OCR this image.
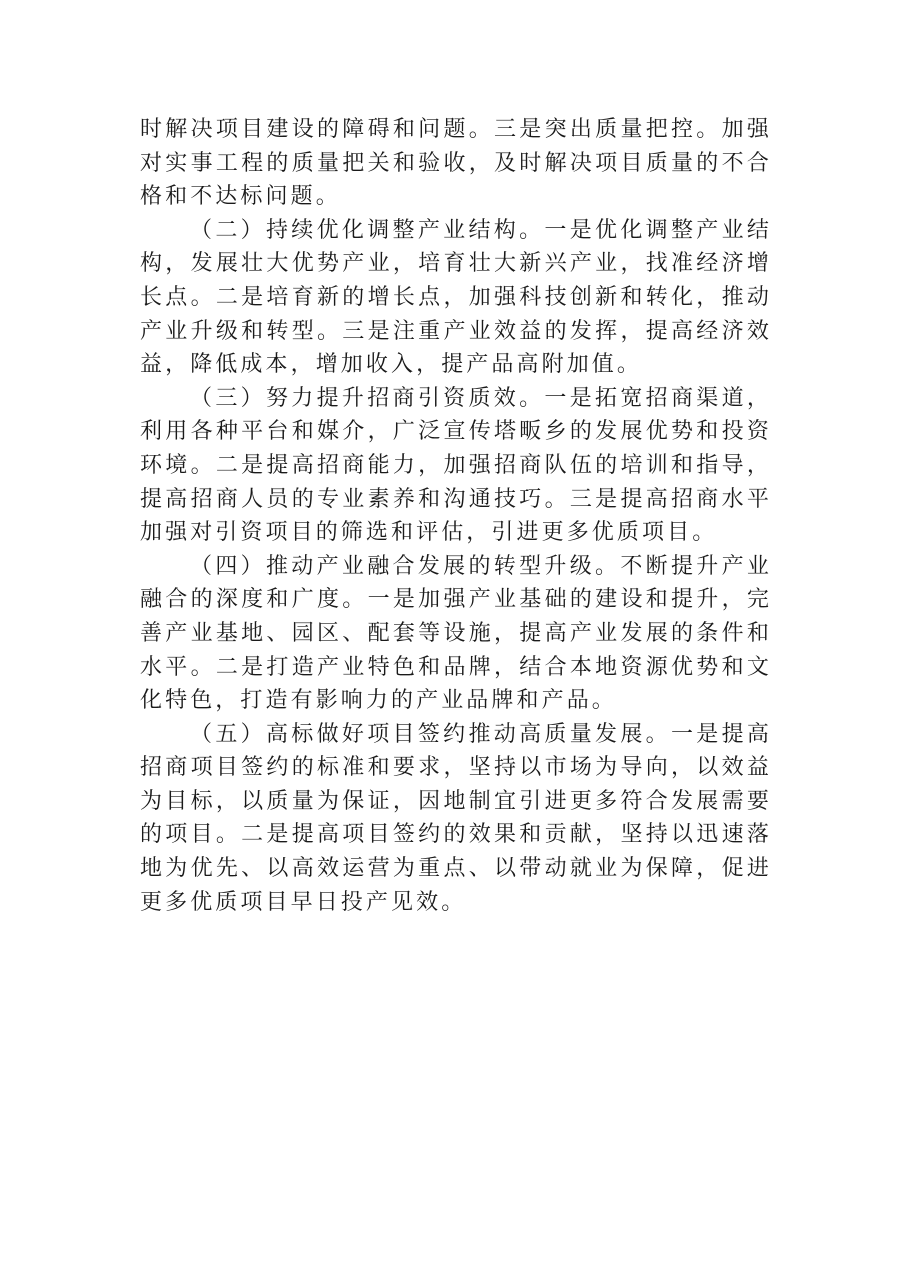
时解决项目建设的障碍和问题。三是突出质量把控。加强对实事工程的质量把关和验收，及时解决项目质量的不合格和不达标问题。

（二）持续优化调整产业结构。一是优化调整产业结构，发展壮大优势产业，培育壮大新兴产业，找准经济增长点。二是培育新的增长点，加强科技创新和转化，推动产业升级和转型。三是注重产业效益的发挥，提高经济效益，降低成本，增加收入，提产品高附加值。

（三）努力提升招商引资质效。一是拓宽招商渠道，利用各种平台和媒介，广泛宣传塔畈乡的发展优势和投资环境。二是提高招商能力，加强招商队伍的培训和指导，提高招商人员的专业素养和沟通技巧。三是提高招商水平加强对引资项目的筛选和评估，引进更多优质项目。

（四）推动产业融合发展的转型升级。不断提升产业融合的深度和广度。一是加强产业基础的建设和提升，完善产业基地、园区、配套等设施，提高产业发展的条件和水平。二是打造产业特色和品牌，结合本地资源优势和文化特色，打造有影响力的产业品牌和产品。

（五）高标做好项目签约推动高质量发展。一是提高招商项目签约的标准和要求，坚持以市场为导向，以效益为目标，以质量为保证，因地制宜引进更多符合发展需要的项目。二是提高项目签约的效果和贡献，坚持以迅速落地为优先、以高效运营为重点、以带动就业为保障，促进更多优质项目早日投产见效。
